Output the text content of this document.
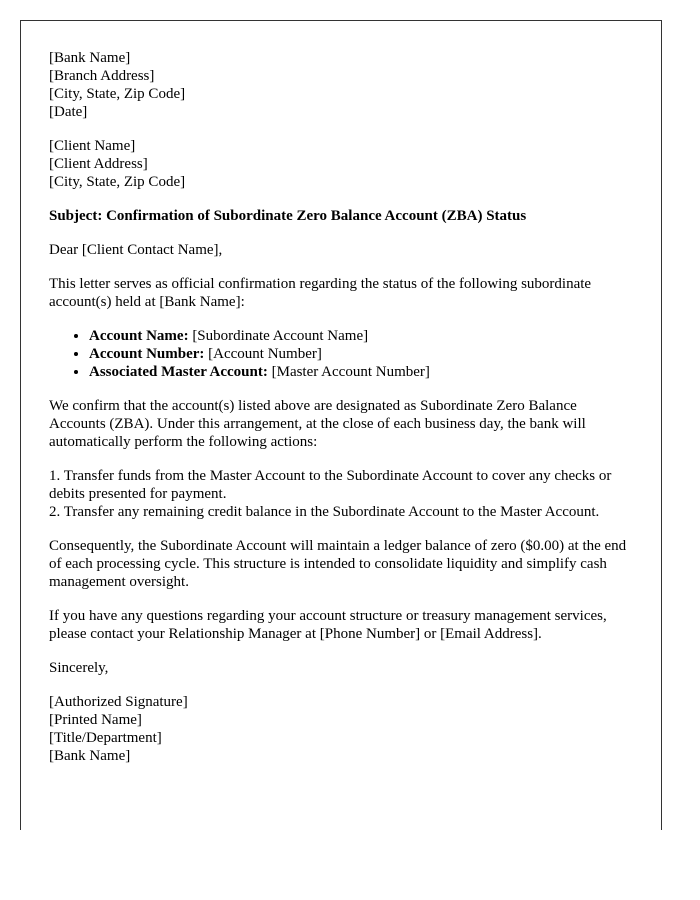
[Bank Name]
[Branch Address]
[City, State, Zip Code]
[Date]

[Client Name]
[Client Address]
[City, State, Zip Code]

Subject: Confirmation of Subordinate Zero Balance Account (ZBA) Status

Dear [Client Contact Name],

This letter serves as official confirmation regarding the status of the following subordinate account(s) held at [Bank Name]:

• Account Name: [Subordinate Account Name]
• Account Number: [Account Number]
• Associated Master Account: [Master Account Number]

We confirm that the account(s) listed above are designated as Subordinate Zero Balance Accounts (ZBA). Under this arrangement, at the close of each business day, the bank will automatically perform the following actions:

1. Transfer funds from the Master Account to the Subordinate Account to cover any checks or debits presented for payment.
2. Transfer any remaining credit balance in the Subordinate Account to the Master Account.

Consequently, the Subordinate Account will maintain a ledger balance of zero ($0.00) at the end of each processing cycle. This structure is intended to consolidate liquidity and simplify cash management oversight.

If you have any questions regarding your account structure or treasury management services, please contact your Relationship Manager at [Phone Number] or [Email Address].

Sincerely,

[Authorized Signature]
[Printed Name]
[Title/Department]
[Bank Name]
